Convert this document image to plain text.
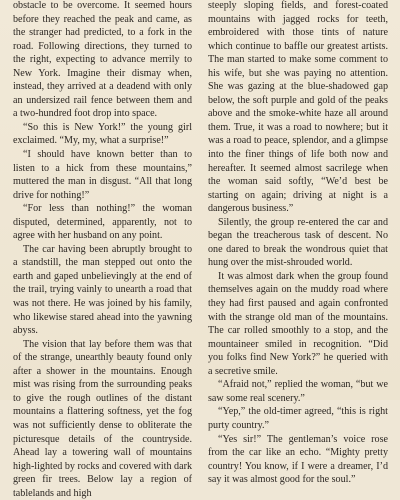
obstacle to be overcome. It seemed hours before they reached the peak and came, as the stranger had predicted, to a fork in the road. Following directions, they turned to the right, expecting to advance merrily to New York. Imagine their dismay when, instead, they arrived at a deadend with only an undersized rail fence between them and a two-hundred foot drop into space.

“So this is New York!” the young girl exclaimed. “My, my, what a surprise!”

“I should have known better than to listen to a hick from these mountains,” muttered the man in disgust. “All that long drive for nothing!”

“For less than nothing!” the woman disputed, determined, apparently, not to agree with her husband on any point.

The car having been abruptly brought to a standstill, the man stepped out onto the earth and gaped unbelievingly at the end of the trail, trying vainly to unearth a road that was not there. He was joined by his family, who likewise stared ahead into the yawning abyss.

The vision that lay before them was that of the strange, unearthly beauty found only after a shower in the mountains. Enough mist was rising from the surrounding peaks to give the rough outlines of the distant mountains a flattering softness, yet the fog was not sufficiently dense to obliterate the picturesque details of the countryside. Ahead lay a towering wall of mountains high-lighted by rocks and covered with dark green fir trees. Below lay a region of tablelands and high

steeply sloping fields, and forest-coated mountains with jagged rocks for teeth, embroidered with those tints of nature which continue to baffle our greatest artists. The man started to make some comment to his wife, but she was paying no attention. She was gazing at the blue-shadowed gap below, the soft purple and gold of the peaks above and the smoke-white haze all around them. True, it was a road to nowhere; but it was a road to peace, splendor, and a glimpse into the finer things of life both now and hereafter. It seemed almost sacrilege when the woman said softly, “We’d best be starting on again; driving at night is a dangerous business.”

Silently, the group re-entered the car and began the treacherous task of descent. No one dared to break the wondrous quiet that hung over the mist-shrouded world.

It was almost dark when the group found themselves again on the muddy road where they had first paused and again confronted with the strange old man of the mountains. The car rolled smoothly to a stop, and the mountaineer smiled in recognition. “Did you folks find New York?” he queried with a secretive smile.

“Afraid not,” replied the woman, “but we saw some real scenery.”

“Yep,” the old-timer agreed, “this is right purty country.”

“Yes sir!” The gentleman’s voice rose from the car like an echo. “Mighty pretty country! You know, if I were a dreamer, I’d say it was almost good for the soul.”
